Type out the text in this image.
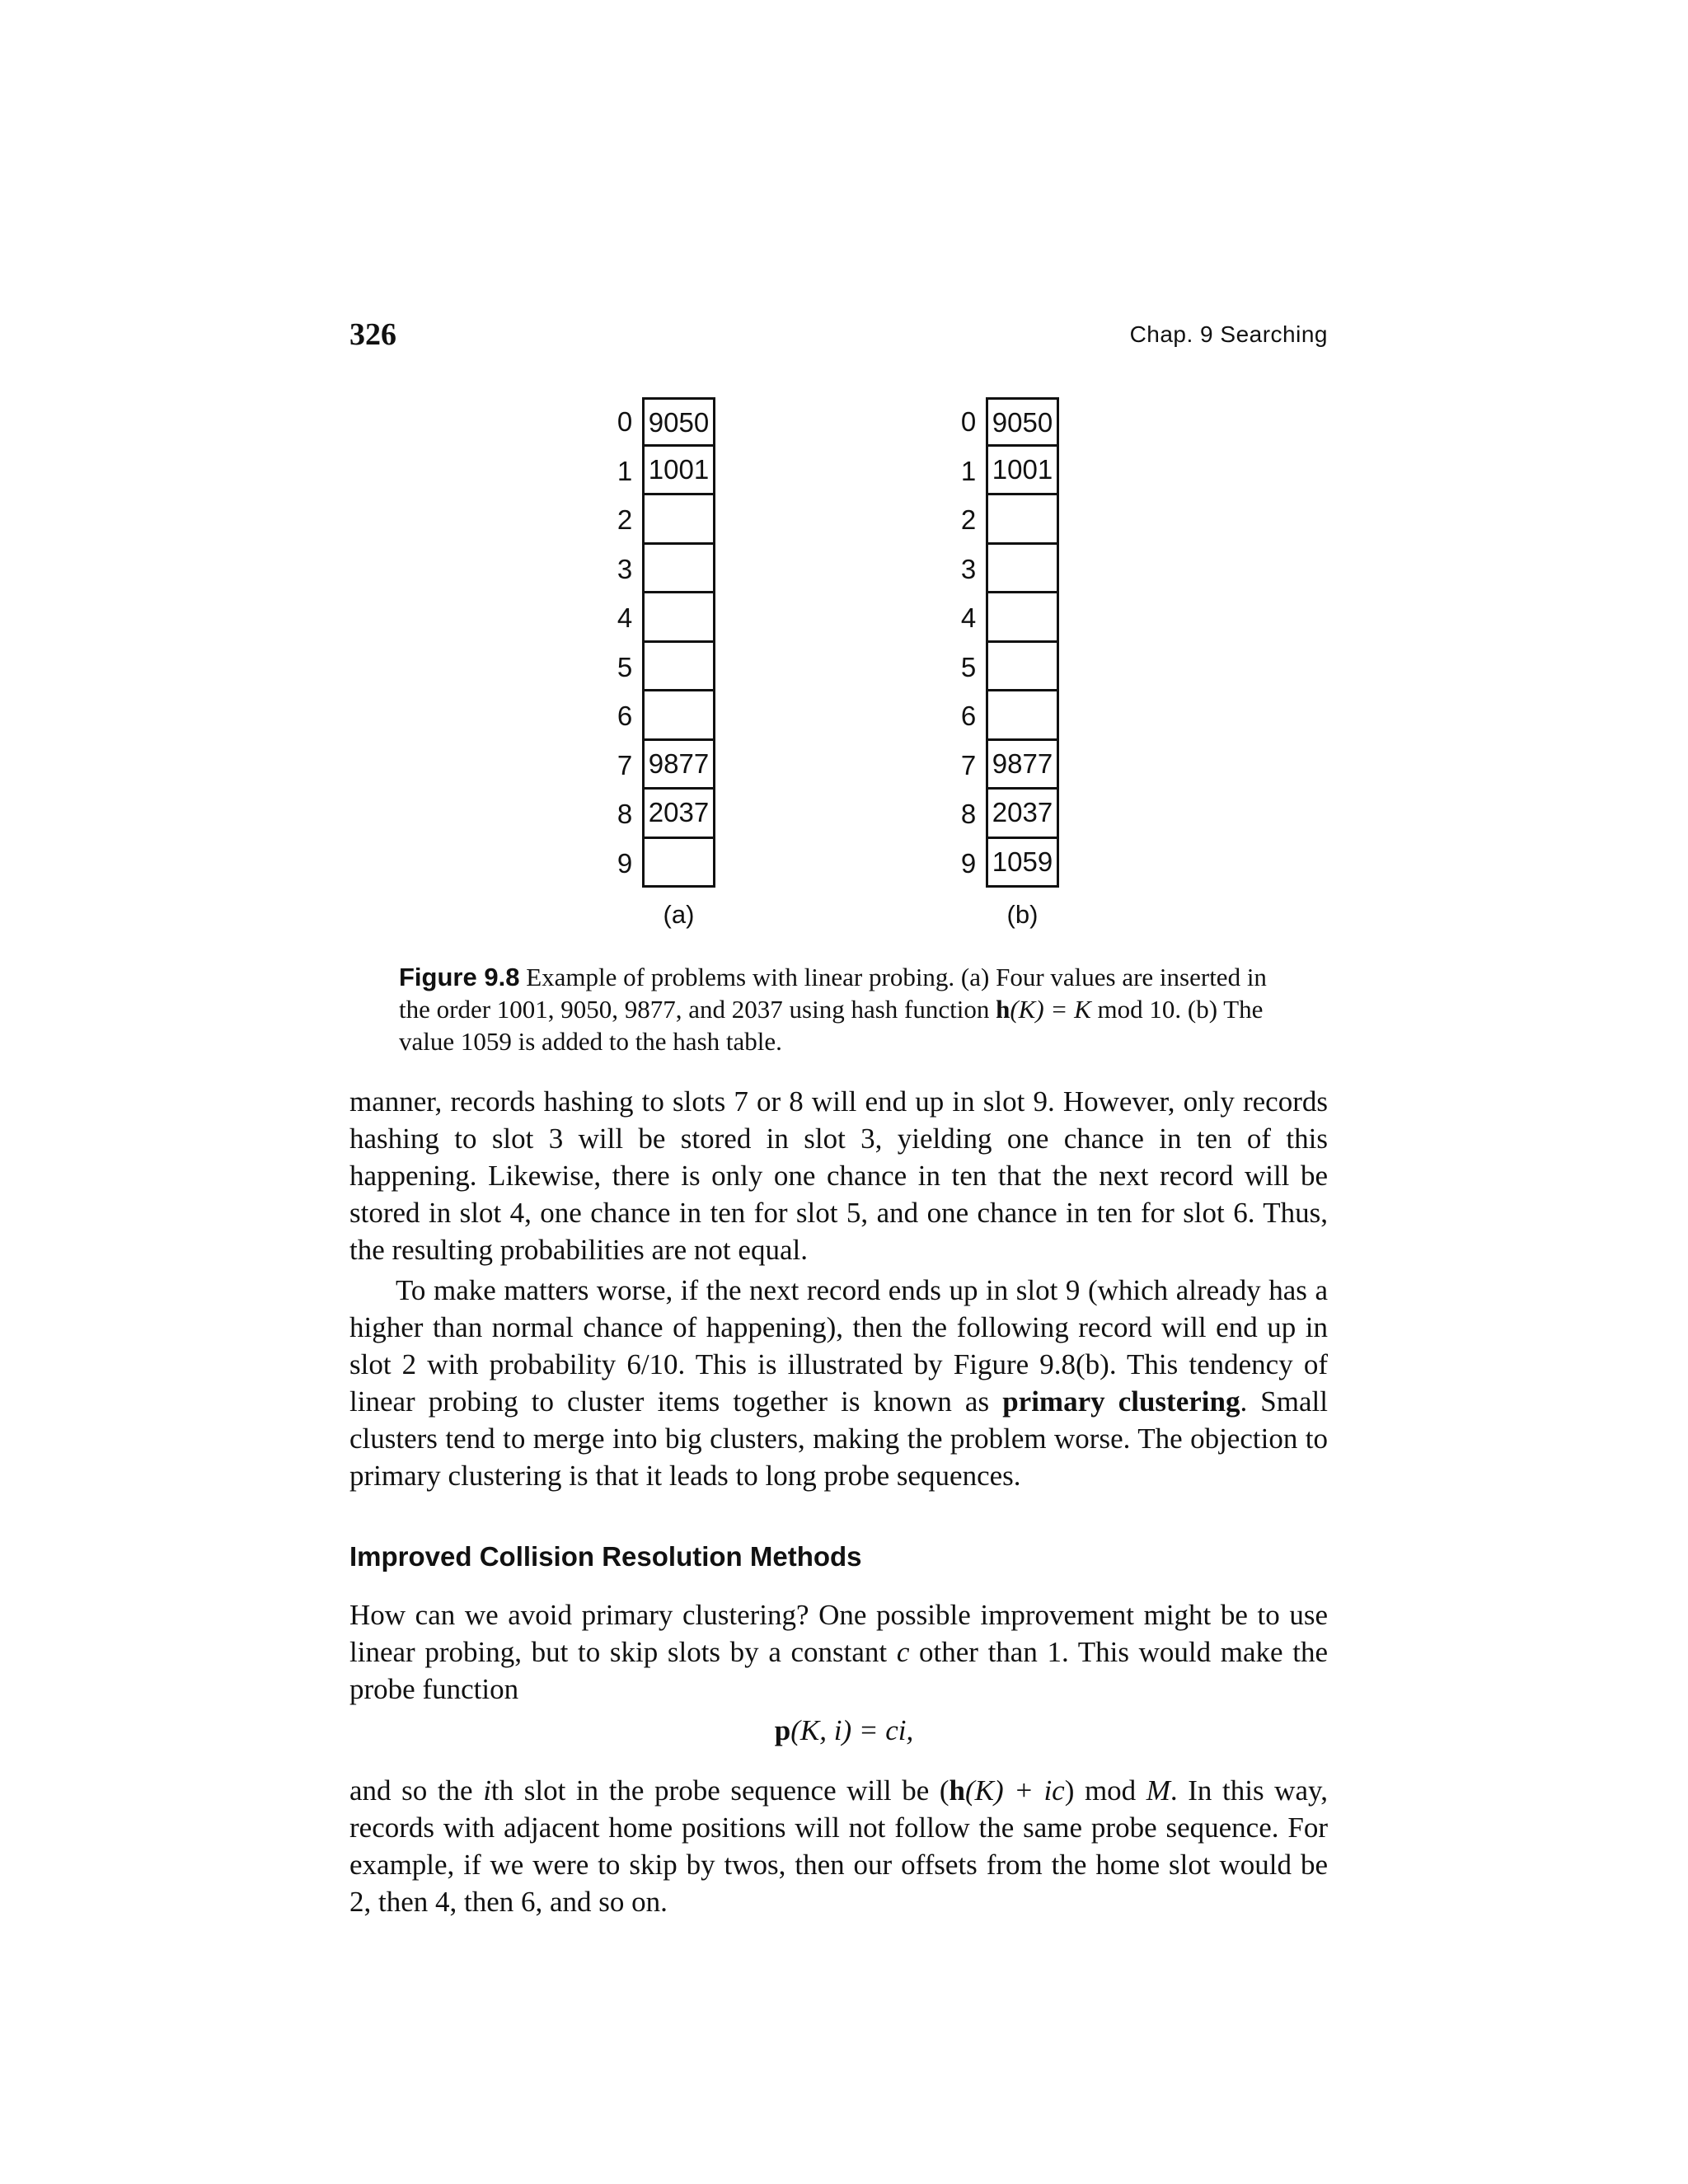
326	Chap. 9 Searching
0 9050
1 1001
2
3
4
5
6
7 9877
8 2037
9
(a)
0 9050
1 1001
2
3
4
5
6
7 9877
8 2037
9 1059
(b)
Figure 9.8 Example of problems with linear probing. (a) Four values are inserted in the order 1001, 9050, 9877, and 2037 using hash function h(K) = K mod 10. (b) The value 1059 is added to the hash table.

manner, records hashing to slots 7 or 8 will end up in slot 9. However, only records hashing to slot 3 will be stored in slot 3, yielding one chance in ten of this happening. Likewise, there is only one chance in ten that the next record will be stored in slot 4, one chance in ten for slot 5, and one chance in ten for slot 6. Thus, the resulting probabilities are not equal.

To make matters worse, if the next record ends up in slot 9 (which already has a higher than normal chance of happening), then the following record will end up in slot 2 with probability 6/10. This is illustrated by Figure 9.8(b). This tendency of linear probing to cluster items together is known as primary clustering. Small clusters tend to merge into big clusters, making the problem worse. The objection to primary clustering is that it leads to long probe sequences.

Improved Collision Resolution Methods

How can we avoid primary clustering? One possible improvement might be to use linear probing, but to skip slots by a constant c other than 1. This would make the probe function

p(K, i) = ci,

and so the ith slot in the probe sequence will be (h(K) + ic) mod M. In this way, records with adjacent home positions will not follow the same probe sequence. For example, if we were to skip by twos, then our offsets from the home slot would be 2, then 4, then 6, and so on.
